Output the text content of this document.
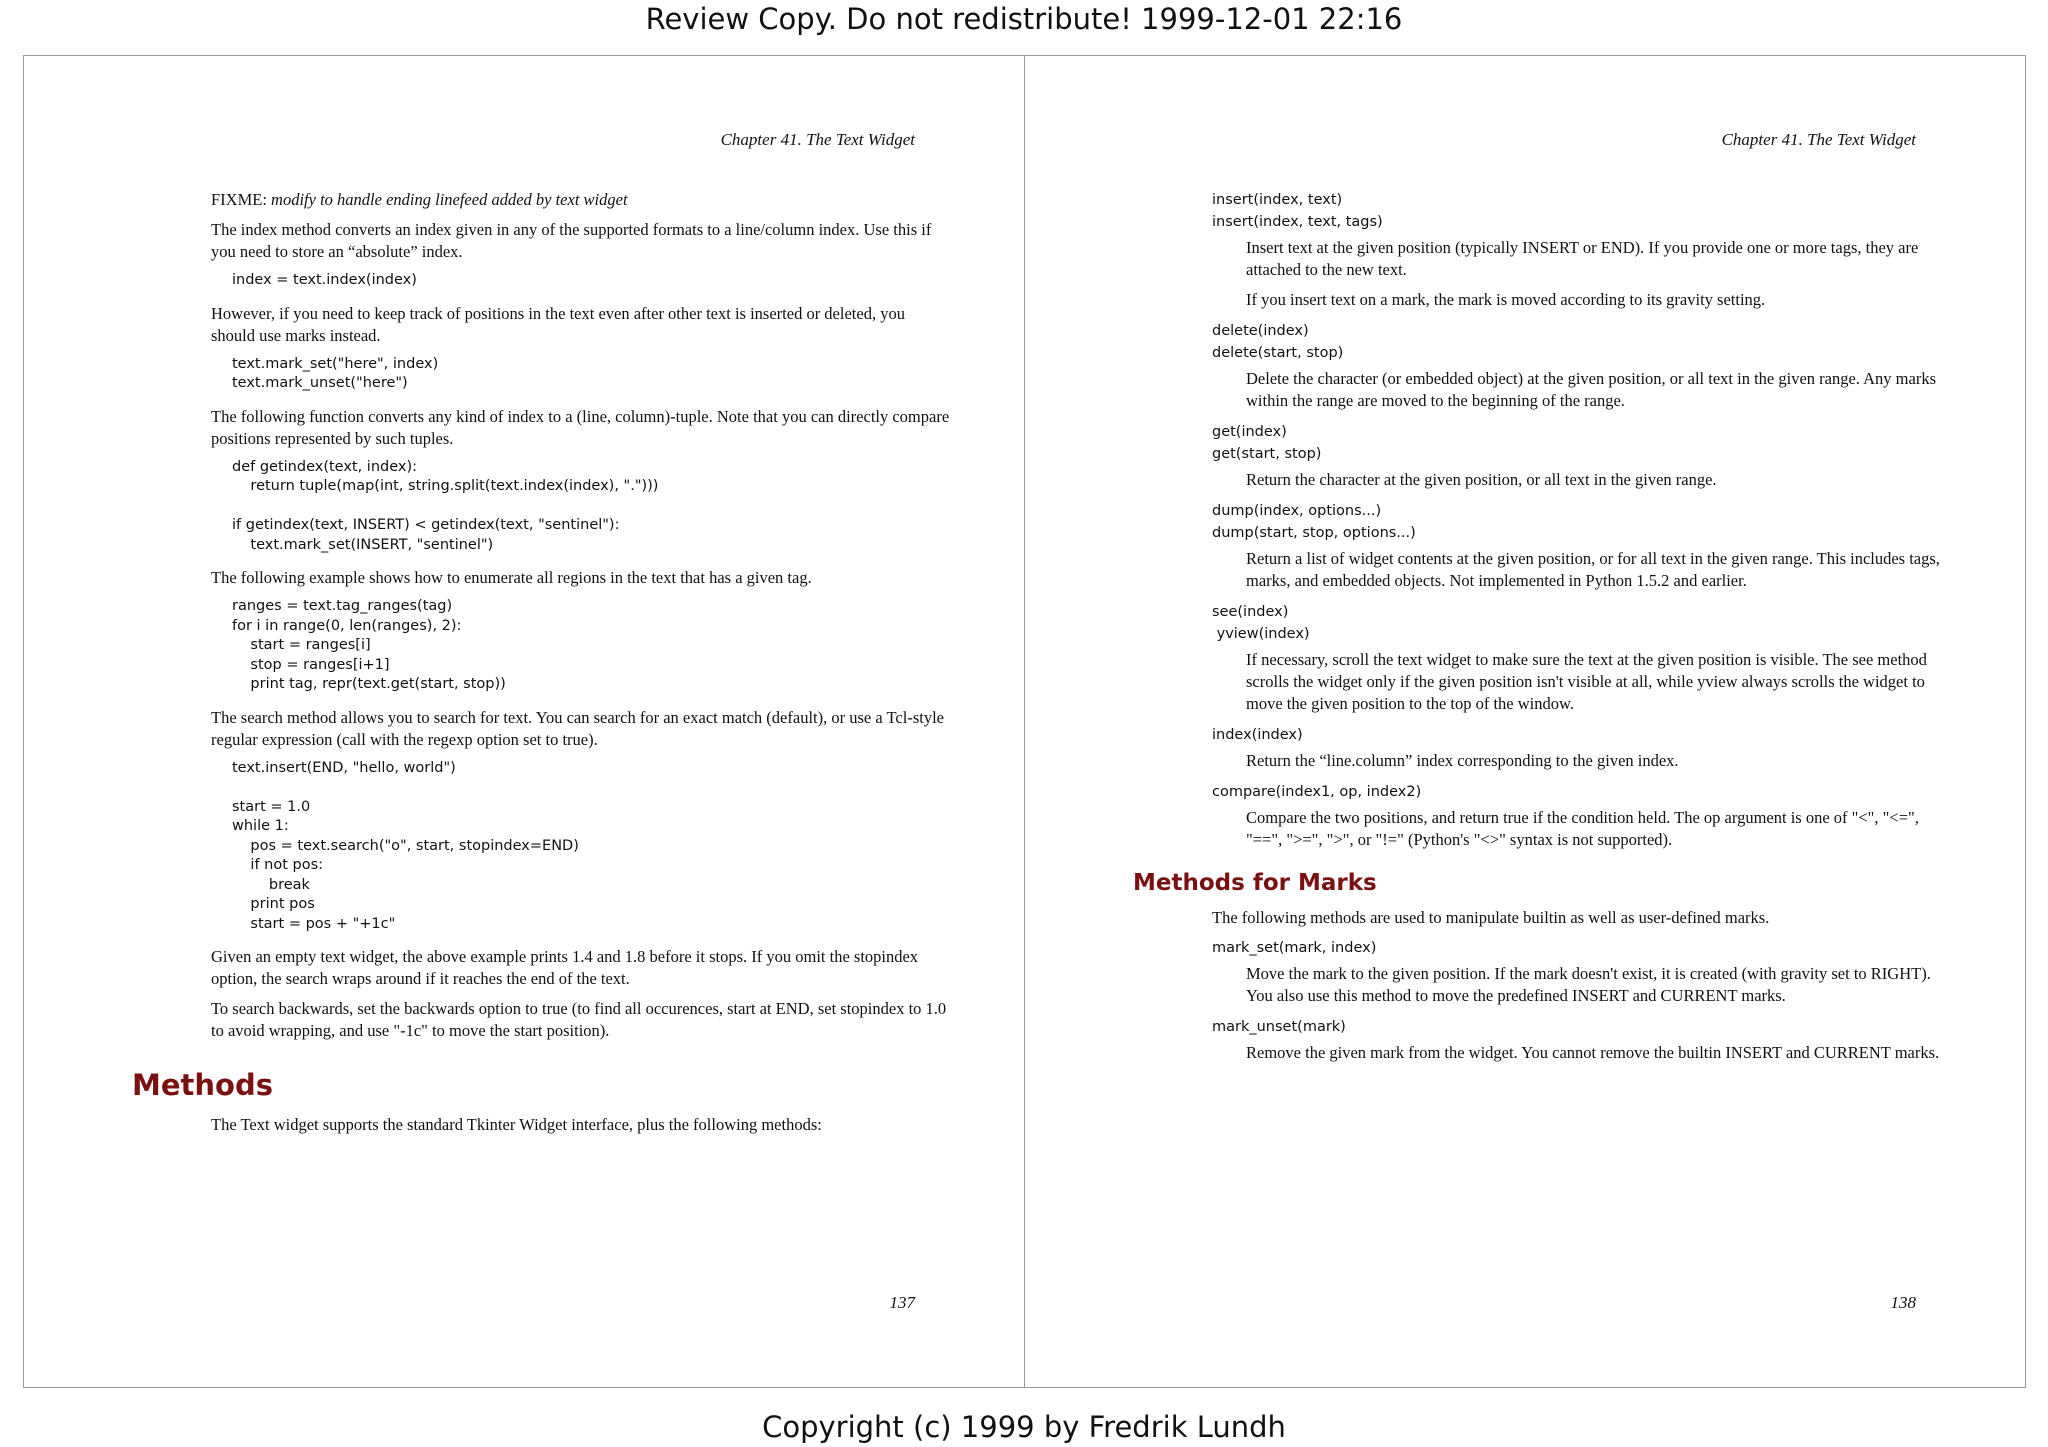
Review Copy. Do not redistribute! 1999-12-01 22:16
Chapter 41. The Text Widget

FIXME: modify to handle ending linefeed added by text widget

The index method converts an index given in any of the supported formats to a line/column index. Use this if you need to store an “absolute” index.

index = text.index(index)

However, if you need to keep track of positions in the text even after other text is inserted or deleted, you should use marks instead.

text.mark_set("here", index)
text.mark_unset("here")

The following function converts any kind of index to a (line, column)-tuple. Note that you can directly compare positions represented by such tuples.

def getindex(text, index):
return tuple(map(int, string.split(text.index(index), ".")))

if getindex(text, INSERT) < getindex(text, "sentinel"):
text.mark_set(INSERT, "sentinel")

The following example shows how to enumerate all regions in the text that has a given tag.

ranges = text.tag_ranges(tag)
for i in range(0, len(ranges), 2):
start = ranges[i]
stop = ranges[i+1]
print tag, repr(text.get(start, stop))

The search method allows you to search for text. You can search for an exact match (default), or use a Tcl-style regular expression (call with the regexp option set to true).

text.insert(END, "hello, world")

start = 1.0
while 1:
pos = text.search("o", start, stopindex=END)
if not pos:
break
print pos
start = pos + "+1c"

Given an empty text widget, the above example prints 1.4 and 1.8 before it stops. If you omit the stopindex option, the search wraps around if it reaches the end of the text.

To search backwards, set the backwards option to true (to find all occurences, start at END, set stopindex to 1.0 to avoid wrapping, and use "-1c" to move the start position).

Methods

The Text widget supports the standard Tkinter Widget interface, plus the following methods:

137
Chapter 41. The Text Widget

insert(index, text)

insert(index, text, tags)

Insert text at the given position (typically INSERT or END). If you provide one or more tags, they are attached to the new text.

If you insert text on a mark, the mark is moved according to its gravity setting.

delete(index)

delete(start, stop)

Delete the character (or embedded object) at the given position, or all text in the given range. Any marks within the range are moved to the beginning of the range.

get(index)

get(start, stop)

Return the character at the given position, or all text in the given range.

dump(index, options...)

dump(start, stop, options...)

Return a list of widget contents at the given position, or for all text in the given range. This includes tags, marks, and embedded objects. Not implemented in Python 1.5.2 and earlier.

see(index)

yview(index)

If necessary, scroll the text widget to make sure the text at the given position is visible. The see method scrolls the widget only if the given position isn't visible at all, while yview always scrolls the widget to move the given position to the top of the window.

index(index)

Return the “line.column” index corresponding to the given index.

compare(index1, op, index2)

Compare the two positions, and return true if the condition held. The op argument is one of "<", "<=", "==", ">=", ">", or "!=" (Python's "<>" syntax is not supported).

Methods for Marks

The following methods are used to manipulate builtin as well as user-defined marks.

mark_set(mark, index)

Move the mark to the given position. If the mark doesn't exist, it is created (with gravity set to RIGHT). You also use this method to move the predefined INSERT and CURRENT marks.

mark_unset(mark)

Remove the given mark from the widget. You cannot remove the builtin INSERT and CURRENT marks.

138
Copyright (c) 1999 by Fredrik Lundh
